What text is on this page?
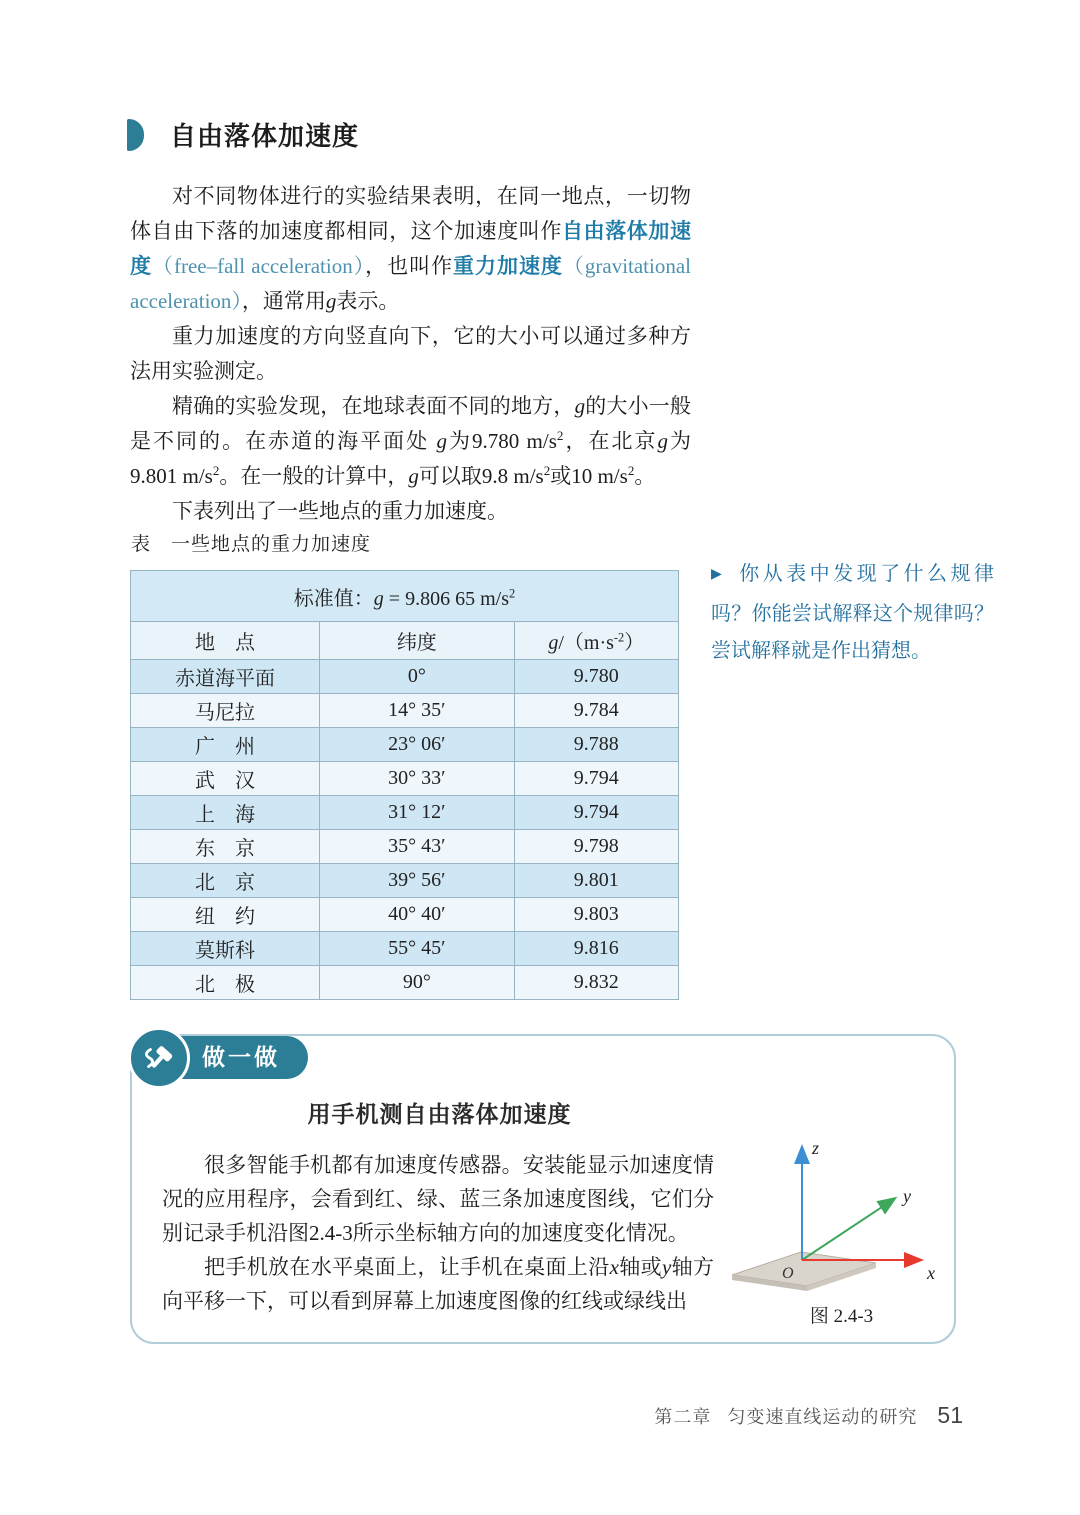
自由落体加速度

对不同物体进行的实验结果表明，在同一地点，一切物体自由下落的加速度都相同，这个加速度叫作自由落体加速度（free–fall acceleration），也叫作重力加速度（gravitational acceleration），通常用g表示。

重力加速度的方向竖直向下，它的大小可以通过多种方法用实验测定。

精确的实验发现，在地球表面不同的地方，g的大小一般是不同的。在赤道的海平面处 g为9.780 $m/s^2$，在北京g为9.801 $m/s^2$。在一般的计算中，g可以取9.8 $m/s^2$或10 $m/s^2$。

下表列出了一些地点的重力加速度。

表　一些地点的重力加速度
标准值：g = 9.806 65 $m/s^2$
地　点	纬度	$g/(m\cdot s^{-2})$
赤道海平面	0°	9.780
马尼拉	14° 35′	9.784
广　州	23° 06′	9.788
武　汉	30° 33′	9.794
上　海	31° 12′	9.794
东　京	35° 43′	9.798
北　京	39° 56′	9.801
纽　约	40° 40′	9.803
莫斯科	55° 45′	9.816
北　极	90°	9.832
▶ 你从表中发现了什么规律吗？你能尝试解释这个规律吗？尝试解释就是作出猜想。
做一做
用手机测自由落体加速度

很多智能手机都有加速度传感器。安装能显示加速度情况的应用程序，会看到红、绿、蓝三条加速度图线，它们分别记录手机沿图2.4-3所示坐标轴方向的加速度变化情况。

把手机放在水平桌面上，让手机在桌面上沿x轴或y轴方向平移一下，可以看到屏幕上加速度图像的红线或绿线出

z
y
x
O
图 2.4-3
第二章 匀变速直线运动的研究 51
